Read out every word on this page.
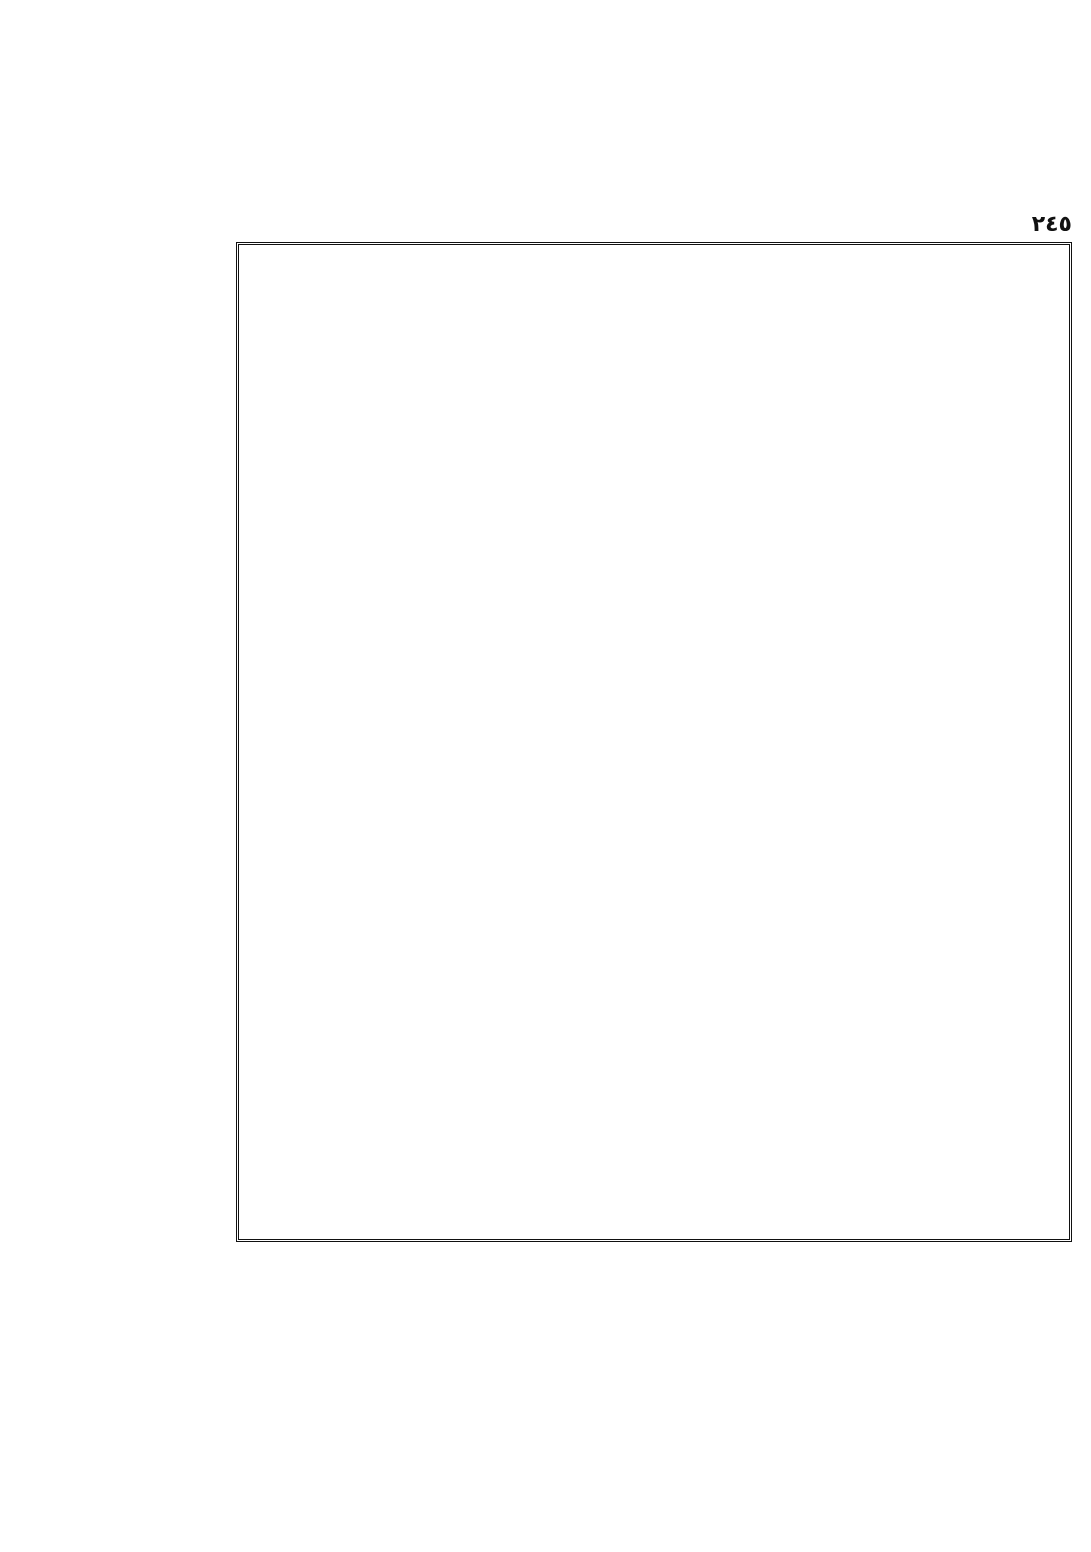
٢٤٥
